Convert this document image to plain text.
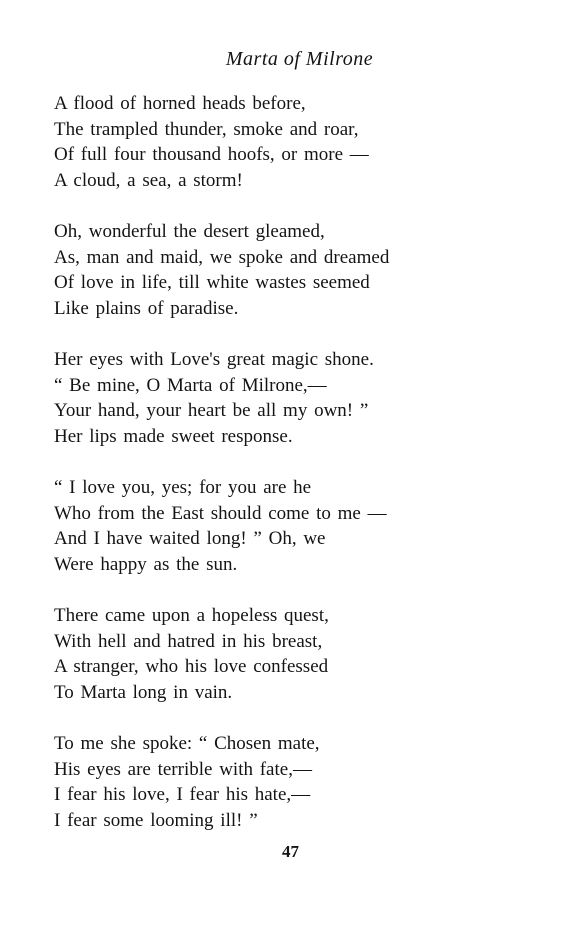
Marta of Milrone
A flood of horned heads before,
The trampled thunder, smoke and roar,
Of full four thousand hoofs, or more —
A cloud, a sea, a storm!
Oh, wonderful the desert gleamed,
As, man and maid, we spoke and dreamed
Of love in life, till white wastes seemed
Like plains of paradise.
Her eyes with Love's great magic shone.
“ Be mine, O Marta of Milrone,—
Your hand, your heart be all my own! ”
Her lips made sweet response.
“ I love you, yes; for you are he
Who from the East should come to me —
And I have waited long! ” Oh, we
Were happy as the sun.
There came upon a hopeless quest,
With hell and hatred in his breast,
A stranger, who his love confessed
To Marta long in vain.
To me she spoke: “ Chosen mate,
His eyes are terrible with fate,—
I fear his love, I fear his hate,—
I fear some looming ill! ”
47
